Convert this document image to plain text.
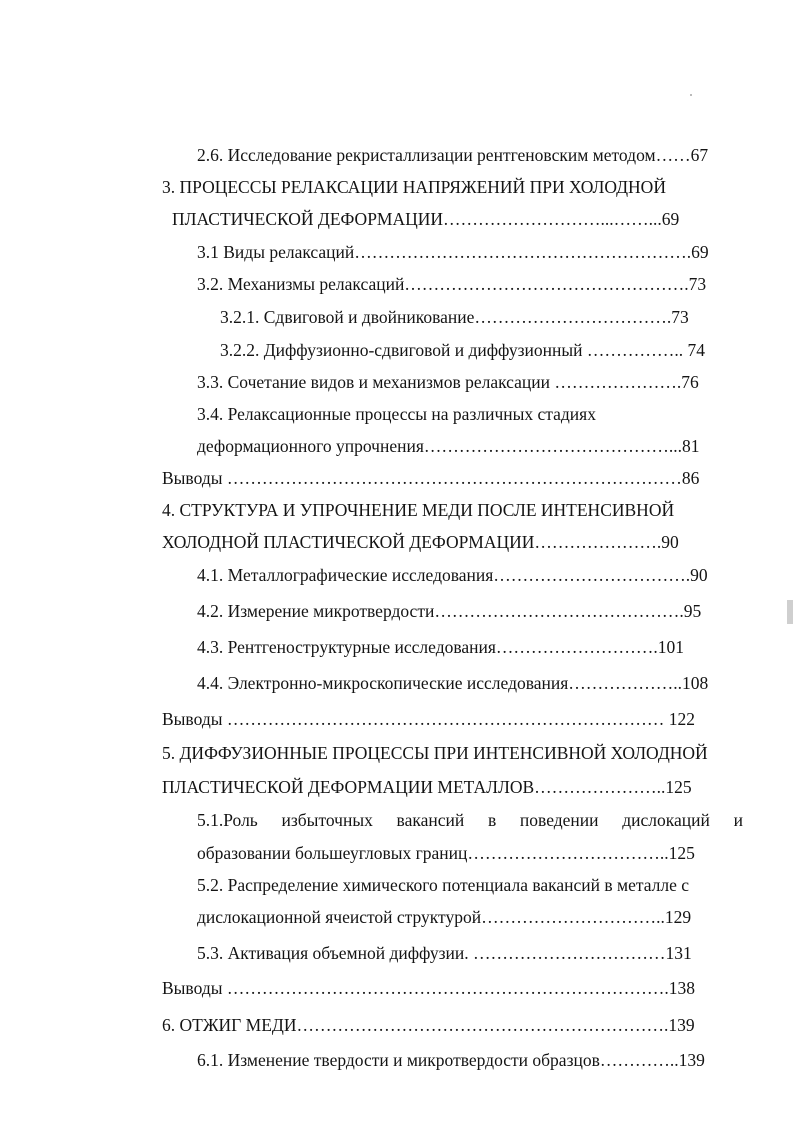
2.6. Исследование рекристаллизации рентгеновским методом……67
3. ПРОЦЕССЫ РЕЛАКСАЦИИ НАПРЯЖЕНИЙ ПРИ ХОЛОДНОЙ
ПЛАСТИЧЕСКОЙ ДЕФОРМАЦИИ………………………...……...69
3.1 Виды релаксаций………………………………………………….69
3.2. Механизмы релаксаций………………………………………….73
3.2.1. Сдвиговой и двойникование…………………………….73
3.2.2. Диффузионно-сдвиговой и диффузионный …………….. 74
3.3. Сочетание видов и механизмов релаксации ………………….76
3.4. Релаксационные процессы на различных стадиях
деформационного упрочнения……………………………………...81
Выводы ……………………………………………………………………86
4. СТРУКТУРА И УПРОЧНЕНИЕ МЕДИ ПОСЛЕ ИНТЕНСИВНОЙ
ХОЛОДНОЙ ПЛАСТИЧЕСКОЙ ДЕФОРМАЦИИ………………….90
4.1. Металлографические исследования…………………………….90
4.2. Измерение микротвердости…………………………………….95
4.3. Рентгеноструктурные исследования……………………….101
4.4. Электронно-микроскопические исследования………………..108
Выводы ………………………………………………………………… 122
5. ДИФФУЗИОННЫЕ ПРОЦЕССЫ ПРИ ИНТЕНСИВНОЙ ХОЛОДНОЙ
ПЛАСТИЧЕСКОЙ ДЕФОРМАЦИИ МЕТАЛЛОВ…………………..125
5.1.Роль избыточных вакансий в поведении дислокаций и
образовании большеугловых границ……………………………..125
5.2. Распределение химического потенциала вакансий в металле с
дислокационной ячеистой структурой…………………………..129
5.3. Активация объемной диффузии. ……………………………131
Выводы ………………………………………………………………….138
6. ОТЖИГ МЕДИ……………………………………………………….139
6.1. Изменение твердости и микротвердости образцов…………..139
